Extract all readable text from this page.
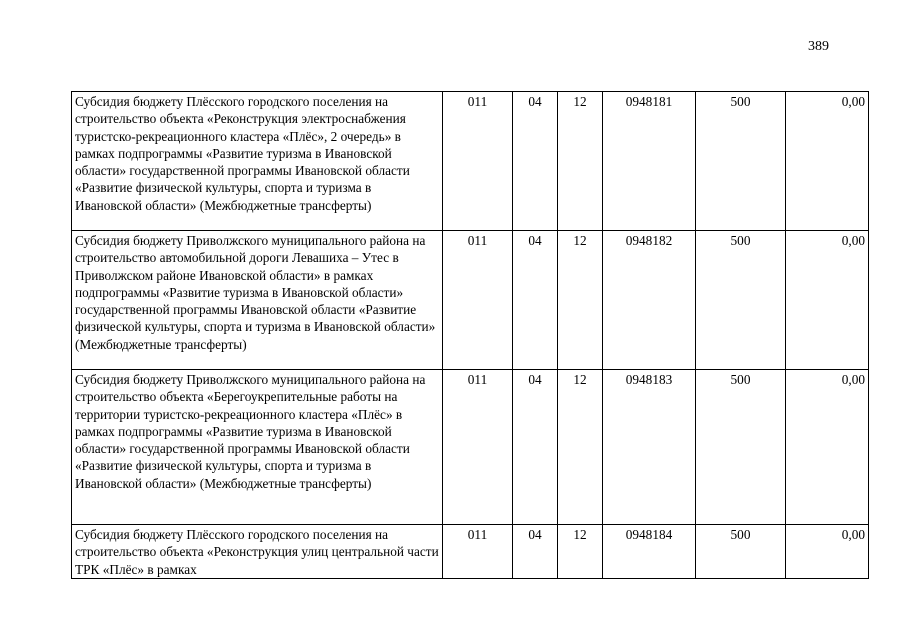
389
Субсидия бюджету Плёсского городского поселения на строительство объекта «Реконструкция электроснабжения туристско-рекреационного кластера «Плёс», 2 очередь» в рамках подпрограммы «Развитие туризма в Ивановской области» государственной программы Ивановской области «Развитие физической культуры, спорта и туризма в Ивановской области» (Межбюджетные трансферты)	011	04	12	0948181	500	0,00
Субсидия бюджету Приволжского муниципального района на строительство автомобильной дороги Левашиха – Утес в Приволжском районе Ивановской области» в рамках подпрограммы «Развитие туризма в Ивановской области» государственной программы Ивановской области «Развитие физической культуры, спорта и туризма в Ивановской области» (Межбюджетные трансферты)	011	04	12	0948182	500	0,00
Субсидия бюджету Приволжского муниципального района на строительство объекта «Берегоукрепительные работы на территории туристско-рекреационного кластера «Плёс» в рамках подпрограммы «Развитие туризма в Ивановской области» государственной программы Ивановской области «Развитие физической культуры, спорта и туризма в Ивановской области» (Межбюджетные трансферты)	011	04	12	0948183	500	0,00
Субсидия бюджету Плёсского городского поселения на строительство объекта «Реконструкция улиц центральной части ТРК «Плёс» в рамках	011	04	12	0948184	500	0,00
